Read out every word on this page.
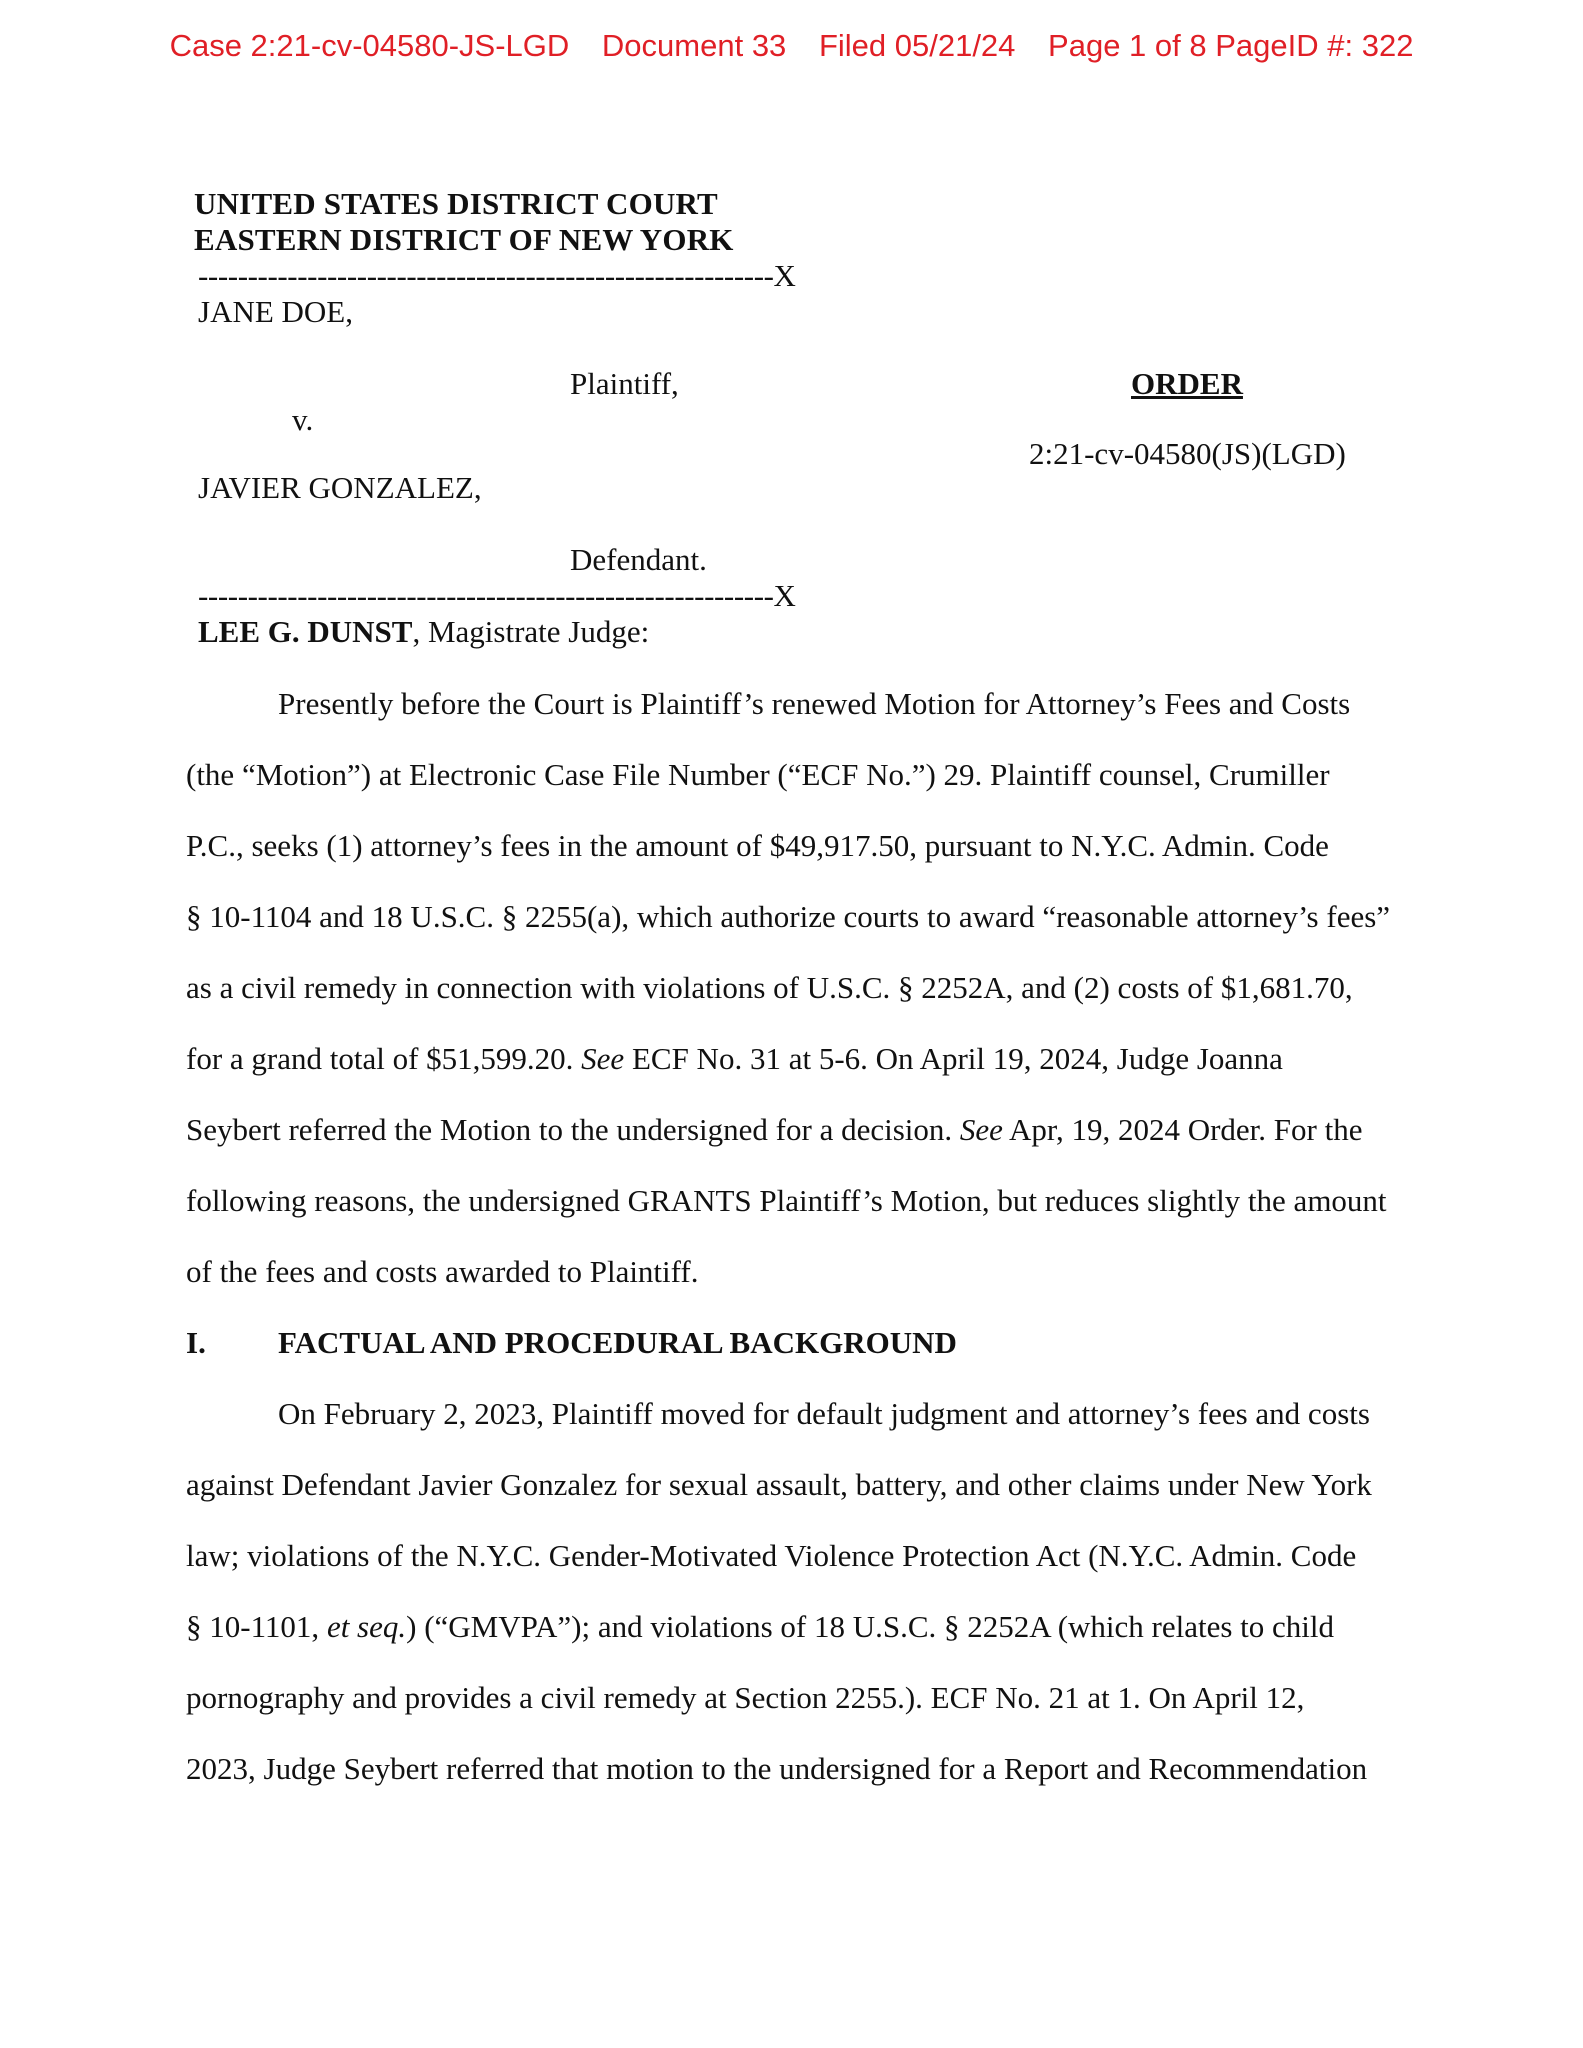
Case 2:21-cv-04580-JS-LGD Document 33 Filed 05/21/24 Page 1 of 8 PageID #: 322
UNITED STATES DISTRICT COURT
EASTERN DISTRICT OF NEW YORK
----------------------------------------------------------X
JANE DOE,
Plaintiff,
v.
JAVIER GONZALEZ,
Defendant.
----------------------------------------------------------X
ORDER
2:21-cv-04580(JS)(LGD)
LEE G. DUNST, Magistrate Judge:
Presently before the Court is Plaintiff’s renewed Motion for Attorney’s Fees and Costs
(the “Motion”) at Electronic Case File Number (“ECF No.”) 29. Plaintiff counsel, Crumiller
P.C., seeks (1) attorney’s fees in the amount of $49,917.50, pursuant to N.Y.C. Admin. Code
§ 10-1104 and 18 U.S.C. § 2255(a), which authorize courts to award “reasonable attorney’s fees”
as a civil remedy in connection with violations of U.S.C. § 2252A, and (2) costs of $1,681.70,
for a grand total of $51,599.20. See ECF No. 31 at 5-6. On April 19, 2024, Judge Joanna
Seybert referred the Motion to the undersigned for a decision. See Apr, 19, 2024 Order. For the
following reasons, the undersigned GRANTS Plaintiff’s Motion, but reduces slightly the amount
of the fees and costs awarded to Plaintiff.
I. FACTUAL AND PROCEDURAL BACKGROUND
On February 2, 2023, Plaintiff moved for default judgment and attorney’s fees and costs
against Defendant Javier Gonzalez for sexual assault, battery, and other claims under New York
law; violations of the N.Y.C. Gender-Motivated Violence Protection Act (N.Y.C. Admin. Code
§ 10-1101, et seq.) (“GMVPA”); and violations of 18 U.S.C. § 2252A (which relates to child
pornography and provides a civil remedy at Section 2255.). ECF No. 21 at 1. On April 12,
2023, Judge Seybert referred that motion to the undersigned for a Report and Recommendation
